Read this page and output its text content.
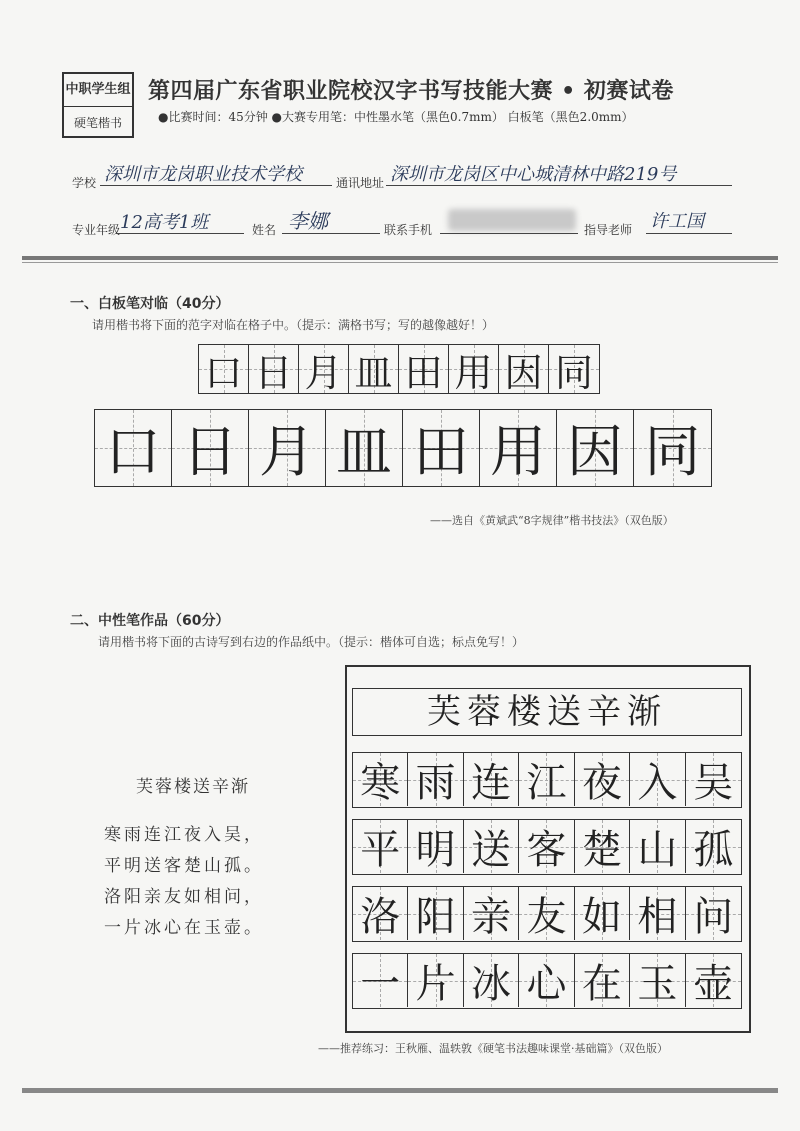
中职学生组
硬笔楷书
第四届广东省职业院校汉字书写技能大赛 • 初赛试卷
●比赛时间：45分钟 ●大赛专用笔：中性墨水笔（黑色0.7mm） 白板笔（黑色2.0mm）
学校 深圳市龙岗职业技术学校	通讯地址 深圳市龙岗区中心城清林中路219号
专业年级 12高考1班	姓名 李娜	联系手机	指导老师 许工国
一、白板笔对临（40分）
请用楷书将下面的范字对临在格子中。（提示：满格书写；写的越像越好！）
口 日 月 皿 田 用 因 同
口 日 月 皿 田 用 因 同
——选自《黄斌武“8字规律”楷书技法》（双色版）
二、中性笔作品（60分）
请用楷书将下面的古诗写到右边的作品纸中。（提示：楷体可自选；标点免写！）
芙蓉楼送辛渐
寒雨连江夜入吴，
平明送客楚山孤。
洛阳亲友如相问，
一片冰心在玉壶。
芙蓉楼送辛渐
寒 雨 连 江 夜 入 吴
平 明 送 客 楚 山 孤
洛 阳 亲 友 如 相 问
一 片 冰 心 在 玉 壶
——推荐练习：王秋雁、温轶敦《硬笔书法趣味课堂·基础篇》（双色版）
